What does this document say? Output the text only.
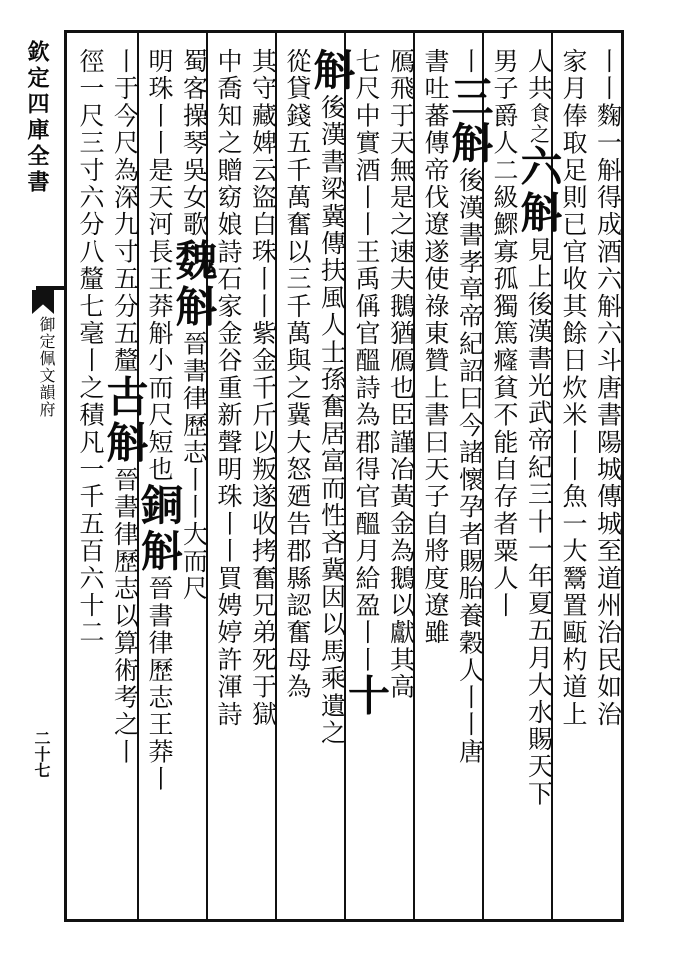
欽定四庫全書
御定佩文韻府
二十七
丨丨麴一斛得成酒六斛六斗唐書陽城傳城至道州治民如治
家月俸取足則已官收其餘日炊米丨丨魚一大鬵置甌杓道上
人共食之六斛見上後漢書光武帝紀三十一年夏五月大水賜天下
男子爵人二級鰥寡孤獨篤癃貧不能自存者粟人丨
丨三斛後漢書孝章帝紀詔曰今諸懷孕者賜胎養穀人丨丨唐
書吐蕃傳帝伐遼遂使祿東贊上書曰天子自將度遼雖
鴈飛于天無是之速夫鵝猶鴈也臣謹冶黃金為鵝以獻其高
七尺中實酒丨丨王禹偁官醞詩為郡得官醞月給盈丨丨十
斛後漢書梁冀傳扶風人士孫奮居富而性吝冀因以馬乘遺之
從貸錢五千萬奮以三千萬與之冀大怒廼告郡縣認奮母為
其守藏婢云盜白珠丨丨紫金千斤以叛遂收拷奮兄弟死于獄
中喬知之贈窈娘詩石家金谷重新聲明珠丨丨買娉婷許渾詩
蜀客操琴吳女歌魏斛晉書律歷志丨丨大而尺
明珠丨丨是天河長王莽斛小而尺短也銅斛晉書律歷志王莽丨
丨于今尺為深九寸五分五釐古斛晉書律歷志以算術考之丨
徑一尺三寸六分八釐七毫丨之積凡一千五百六十二
